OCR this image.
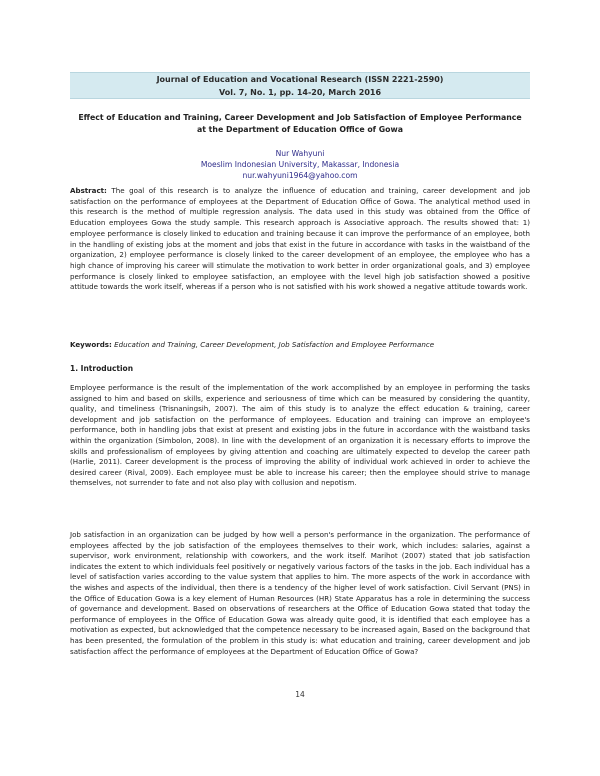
Journal of Education and Vocational Research (ISSN 2221-2590)
Vol. 7, No. 1, pp. 14-20, March 2016
Effect of Education and Training, Career Development and Job Satisfaction of Employee Performance
at the Department of Education Office of Gowa
Nur Wahyuni
Moeslim Indonesian University, Makassar, Indonesia
nur.wahyuni1964@yahoo.com
Abstract: The goal of this research is to analyze the influence of education and training, career development and job satisfaction on the performance of employees at the Department of Education Office of Gowa. The analytical method used in this research is the method of multiple regression analysis. The data used in this study was obtained from the Office of Education employees Gowa the study sample. This research approach is Associative approach. The results showed that: 1) employee performance is closely linked to education and training because it can improve the performance of an employee, both in the handling of existing jobs at the moment and jobs that exist in the future in accordance with tasks in the waistband of the organization, 2) employee performance is closely linked to the career development of an employee, the employee who has a high chance of improving his career will stimulate the motivation to work better in order organizational goals, and 3) employee performance is closely linked to employee satisfaction, an employee with the level high job satisfaction showed a positive attitude towards the work itself, whereas if a person who is not satisfied with his work showed a negative attitude towards work.
Keywords: Education and Training, Career Development, Job Satisfaction and Employee Performance
1. Introduction
Employee performance is the result of the implementation of the work accomplished by an employee in performing the tasks assigned to him and based on skills, experience and seriousness of time which can be measured by considering the quantity, quality, and timeliness (Trisnaningsih, 2007). The aim of this study is to analyze the effect education & training, career development and job satisfaction on the performance of employees. Education and training can improve an employee's performance, both in handling jobs that exist at present and existing jobs in the future in accordance with the waistband tasks within the organization (Simbolon, 2008). In line with the development of an organization it is necessary efforts to improve the skills and professionalism of employees by giving attention and coaching are ultimately expected to develop the career path (Harlie, 2011). Career development is the process of improving the ability of individual work achieved in order to achieve the desired career (Rival, 2009). Each employee must be able to increase his career; then the employee should strive to manage themselves, not surrender to fate and not also play with collusion and nepotism.
Job satisfaction in an organization can be judged by how well a person's performance in the organization. The performance of employees affected by the job satisfaction of the employees themselves to their work, which includes: salaries, against a supervisor, work environment, relationship with coworkers, and the work itself. Marihot (2007) stated that job satisfaction indicates the extent to which individuals feel positively or negatively various factors of the tasks in the job. Each individual has a level of satisfaction varies according to the value system that applies to him. The more aspects of the work in accordance with the wishes and aspects of the individual, then there is a tendency of the higher level of work satisfaction. Civil Servant (PNS) in the Office of Education Gowa is a key element of Human Resources (HR) State Apparatus has a role in determining the success of governance and development. Based on observations of researchers at the Office of Education Gowa stated that today the performance of employees in the Office of Education Gowa was already quite good, it is identified that each employee has a motivation as expected, but acknowledged that the competence necessary to be increased again, Based on the background that has been presented, the formulation of the problem in this study is: what education and training, career development and job satisfaction affect the performance of employees at the Department of Education Office of Gowa?
14
